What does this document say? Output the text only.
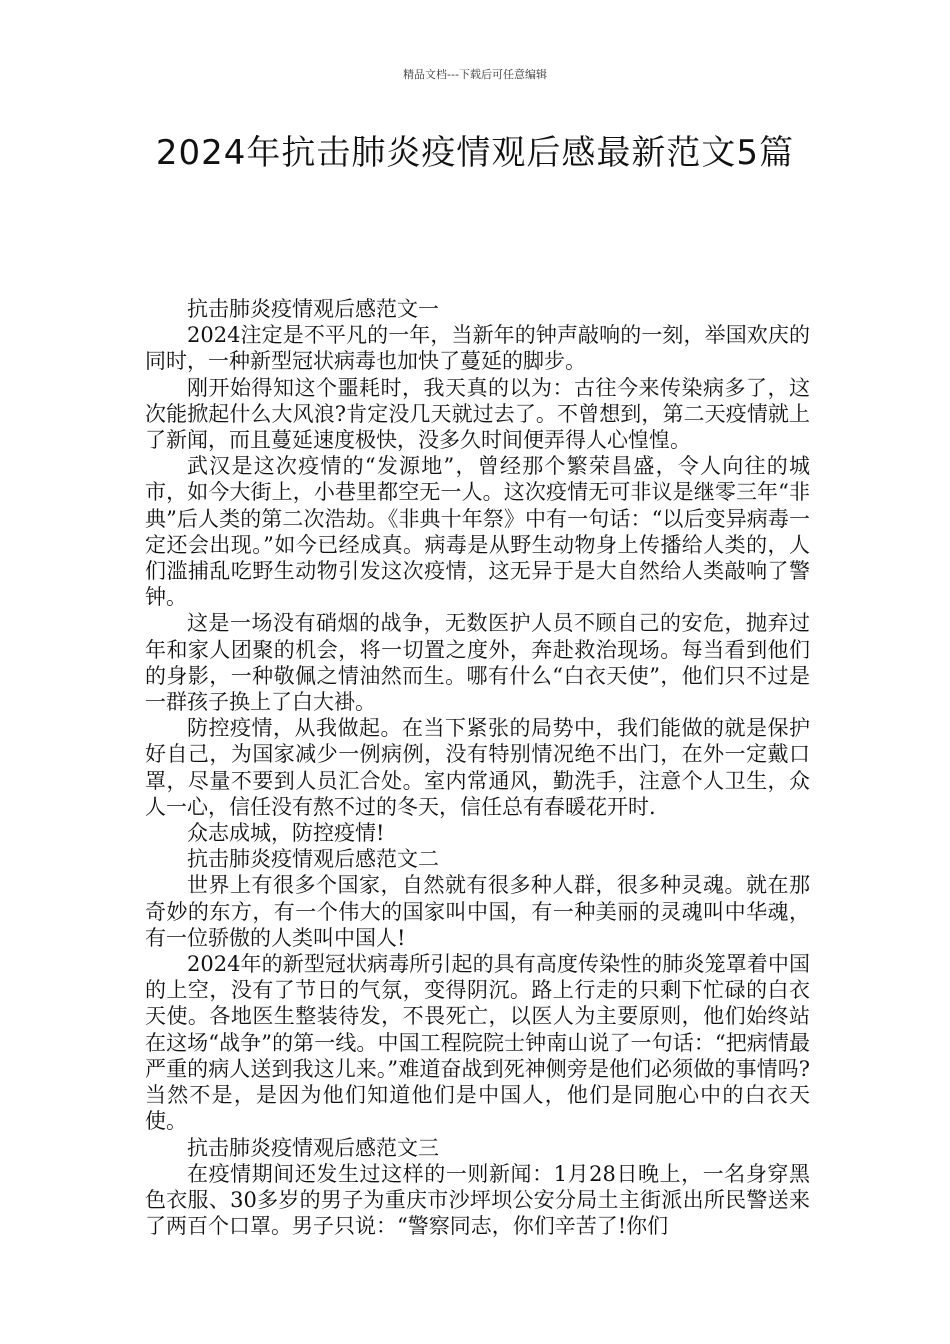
精品文档---下载后可任意编辑
2024年抗击肺炎疫情观后感最新范文5篇

抗击肺炎疫情观后感范文一

2024注定是不平凡的一年，当新年的钟声敲响的一刻，举国欢庆的同时，一种新型冠状病毒也加快了蔓延的脚步。

刚开始得知这个噩耗时，我天真的以为：古往今来传染病多了，这次能掀起什么大风浪?肯定没几天就过去了。不曾想到，第二天疫情就上了新闻，而且蔓延速度极快，没多久时间便弄得人心惶惶。

武汉是这次疫情的“发源地”，曾经那个繁荣昌盛，令人向往的城市，如今大街上，小巷里都空无一人。这次疫情无可非议是继零三年“非典”后人类的第二次浩劫。《非典十年祭》中有一句话：“以后变异病毒一定还会出现。”如今已经成真。病毒是从野生动物身上传播给人类的，人们滥捕乱吃野生动物引发这次疫情，这无异于是大自然给人类敲响了警钟。

这是一场没有硝烟的战争，无数医护人员不顾自己的安危，抛弃过年和家人团聚的机会，将一切置之度外，奔赴救治现场。每当看到他们的身影，一种敬佩之情油然而生。哪有什么“白衣天使”，他们只不过是一群孩子换上了白大褂。

防控疫情，从我做起。在当下紧张的局势中，我们能做的就是保护好自己，为国家减少一例病例，没有特别情况绝不出门，在外一定戴口罩，尽量不要到人员汇合处。室内常通风，勤洗手，注意个人卫生，众人一心，信任没有熬不过的冬天，信任总有春暖花开时.

众志成城，防控疫情!

抗击肺炎疫情观后感范文二

世界上有很多个国家，自然就有很多种人群，很多种灵魂。就在那奇妙的东方，有一个伟大的国家叫中国，有一种美丽的灵魂叫中华魂，有一位骄傲的人类叫中国人!

2024年的新型冠状病毒所引起的具有高度传染性的肺炎笼罩着中国的上空，没有了节日的气氛，变得阴沉。路上行走的只剩下忙碌的白衣天使。各地医生整装待发，不畏死亡，以医人为主要原则，他们始终站在这场“战争”的第一线。中国工程院院士钟南山说了一句话：“把病情最严重的病人送到我这儿来。”难道奋战到死神侧旁是他们必须做的事情吗?当然不是，是因为他们知道他们是中国人，他们是同胞心中的白衣天使。

抗击肺炎疫情观后感范文三

在疫情期间还发生过这样的一则新闻：1月28日晚上，一名身穿黑色衣服、30多岁的男子为重庆市沙坪坝公安分局土主街派出所民警送来了两百个口罩。男子只说：“警察同志，你们辛苦了!你们
